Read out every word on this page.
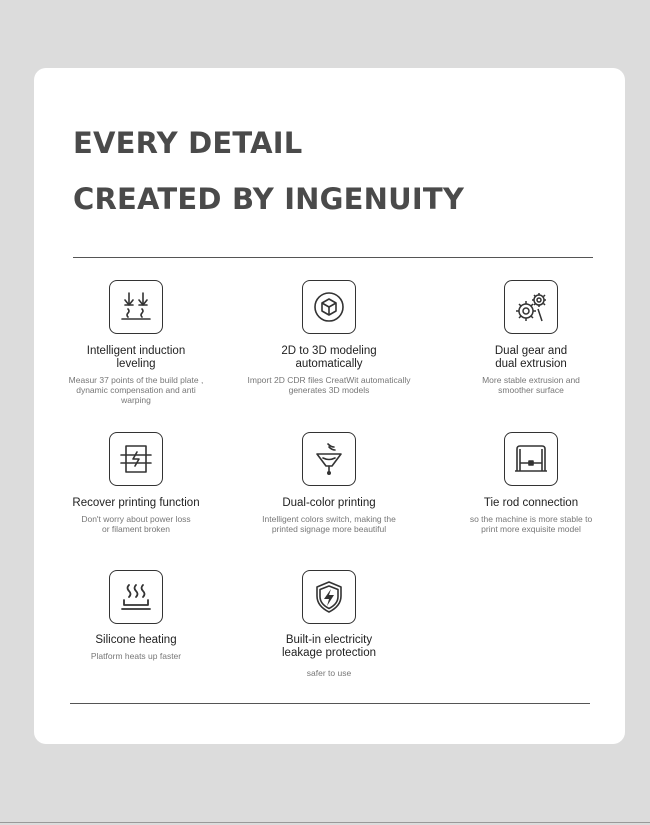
EVERY DETAIL
CREATED BY INGENUITY
Intelligent induction
leveling
Measur 37 points of the build plate ,
dynamic compensation and anti
warping
2D to 3D modeling
automatically
Import 2D CDR files CreatWit automatically
generates 3D models
Dual gear and
dual extrusion
More stable extrusion and
smoother surface
Recover printing function
Don't worry about power loss
or filament broken
Dual-color printing
Intelligent colors switch, making the
printed signage more beautiful
Tie rod connection
so the machine is more stable to
print more exquisite model
Silicone heating
Platform heats up faster
Built-in electricity
leakage protection
safer to use
